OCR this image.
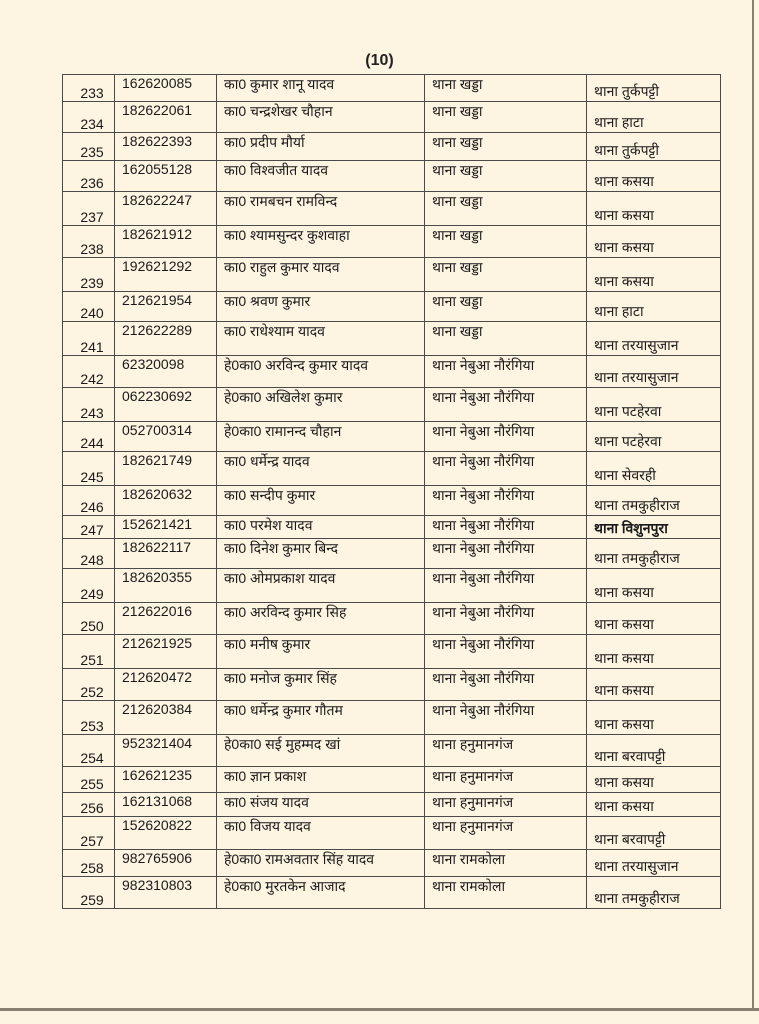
(10)
233	162620085	का0 कुमार शानू यादव	थाना खड्डा	थाना तुर्कपट्टी
234	182622061	का0 चन्द्रशेखर चौहान	थाना खड्डा	थाना हाटा
235	182622393	का0 प्रदीप मौर्या	थाना खड्डा	थाना तुर्कपट्टी
236	162055128	का0 विश्वजीत यादव	थाना खड्डा	थाना कसया
237	182622247	का0 रामबचन रामविन्द	थाना खड्डा	थाना कसया
238	182621912	का0 श्यामसुन्दर कुशवाहा	थाना खड्डा	थाना कसया
239	192621292	का0 राहुल कुमार यादव	थाना खड्डा	थाना कसया
240	212621954	का0 श्रवण कुमार	थाना खड्डा	थाना हाटा
241	212622289	का0 राधेश्याम यादव	थाना खड्डा	थाना तरयासुजान
242	62320098	हे0का0 अरविन्द कुमार यादव	थाना नेबुआ नौरंगिया	थाना तरयासुजान
243	062230692	हे0का0 अखिलेश कुमार	थाना नेबुआ नौरंगिया	थाना पटहेरवा
244	052700314	हे0का0 रामानन्द चौहान	थाना नेबुआ नौरंगिया	थाना पटहेरवा
245	182621749	का0 धर्मेन्द्र यादव	थाना नेबुआ नौरंगिया	थाना सेवरही
246	182620632	का0 सन्दीप कुमार	थाना नेबुआ नौरंगिया	थाना तमकुहीराज
247	152621421	का0 परमेश यादव	थाना नेबुआ नौरंगिया	थाना विशुनपुरा
248	182622117	का0 दिनेश कुमार बिन्द	थाना नेबुआ नौरंगिया	थाना तमकुहीराज
249	182620355	का0 ओमप्रकाश यादव	थाना नेबुआ नौरंगिया	थाना कसया
250	212622016	का0 अरविन्द कुमार सिह	थाना नेबुआ नौरंगिया	थाना कसया
251	212621925	का0 मनीष कुमार	थाना नेबुआ नौरंगिया	थाना कसया
252	212620472	का0 मनोज कुमार सिंह	थाना नेबुआ नौरंगिया	थाना कसया
253	212620384	का0 धर्मेन्द्र कुमार गौतम	थाना नेबुआ नौरंगिया	थाना कसया
254	952321404	हे0का0 सई मुहम्मद खां	थाना हनुमानगंज	थाना बरवापट्टी
255	162621235	का0 ज्ञान प्रकाश	थाना हनुमानगंज	थाना कसया
256	162131068	का0 संजय यादव	थाना हनुमानगंज	थाना कसया
257	152620822	का0 विजय यादव	थाना हनुमानगंज	थाना बरवापट्टी
258	982765906	हे0का0 रामअवतार सिंह यादव	थाना रामकोला	थाना तरयासुजान
259	982310803	हे0का0 मुरतकेन आजाद	थाना रामकोला	थाना तमकुहीराज
